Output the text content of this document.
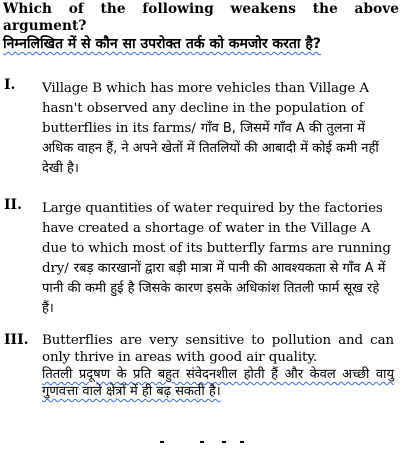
Which of the following weakens the above argument?
निम्नलिखित में से कौन सा उपरोक्त तर्क को कमजोर करता है?
I. Village B which has more vehicles than Village A hasn't observed any decline in the population of butterflies in its farms/ गाँव B, जिसमें गाँव A की तुलना में अधिक वाहन हैं, ने अपने खेतों में तितलियों की आबादी में कोई कमी नहीं देखी है।
II. Large quantities of water required by the factories have created a shortage of water in the Village A due to which most of its butterfly farms are running dry/ रबड़ कारखानों द्वारा बड़ी मात्रा में पानी की आवश्यकता से गाँव A में पानी की कमी हुई है जिसके कारण इसके अधिकांश तितली फार्म सूख रहे हैं।
III. Butterflies are very sensitive to pollution and can only thrive in areas with good air quality.

तितली प्रदूषण के प्रति बहुत संवेदनशील होती हैं और केवल अच्छी वायु गुणवत्ता वाले क्षेत्रों में ही बढ़ सकती है।
